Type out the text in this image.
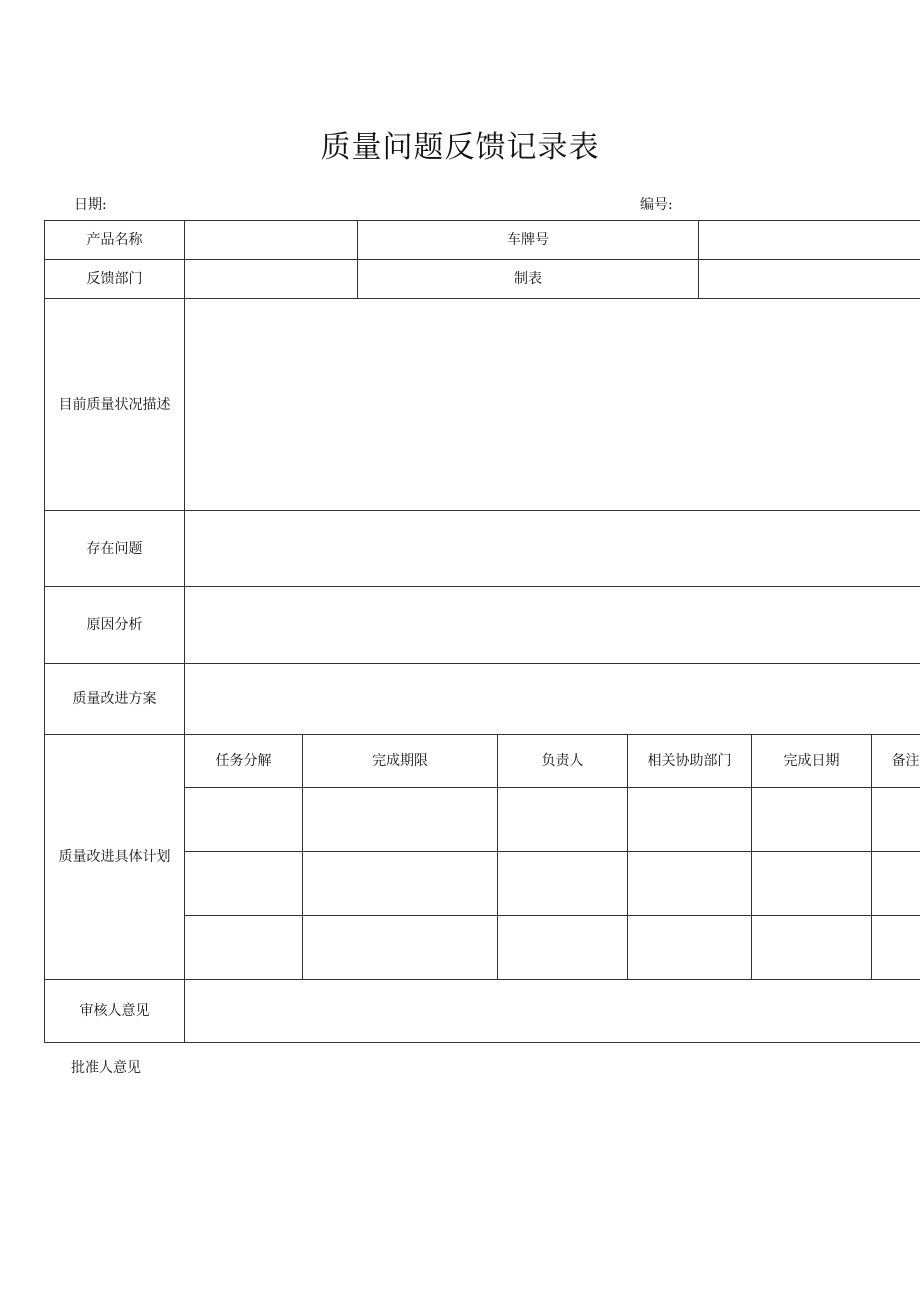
质量问题反馈记录表
日期:	编号:
产品名称			车牌号					
反馈部门			制表					
目前质量状况描述								
存在问题								
原因分析								
质量改进方案								
质量改进具体计划	任务分解	完成期限		负责人	相关协助部门		完成日期	备注

审核人意见								
批准人意见
